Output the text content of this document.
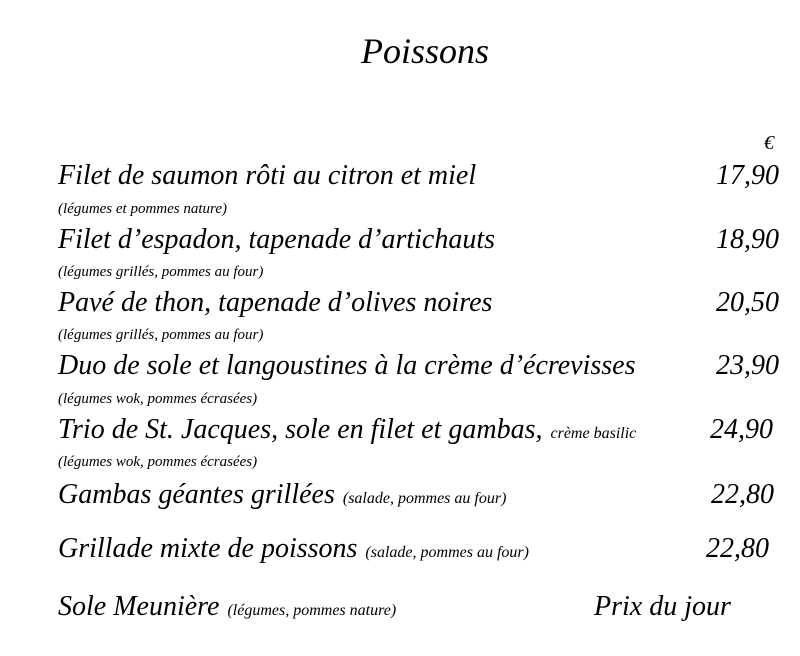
Poissons
€
Filet de saumon rôti au citron et miel	17,90
(légumes et pommes nature)
Filet d’espadon, tapenade d’artichauts	18,90
(légumes grillés, pommes au four)
Pavé de thon, tapenade d’olives noires	20,50
(légumes grillés, pommes au four)
Duo de sole et langoustines à la crème d’écrevisses	23,90
(légumes wok, pommes écrasées)
Trio de St. Jacques, sole en filet et gambas, crème basilic	24,90
(légumes wok, pommes écrasées)
Gambas géantes grillées (salade, pommes au four)	22,80
Grillade mixte de poissons (salade, pommes au four)	22,80
Sole Meunière (légumes, pommes nature)	Prix du jour
